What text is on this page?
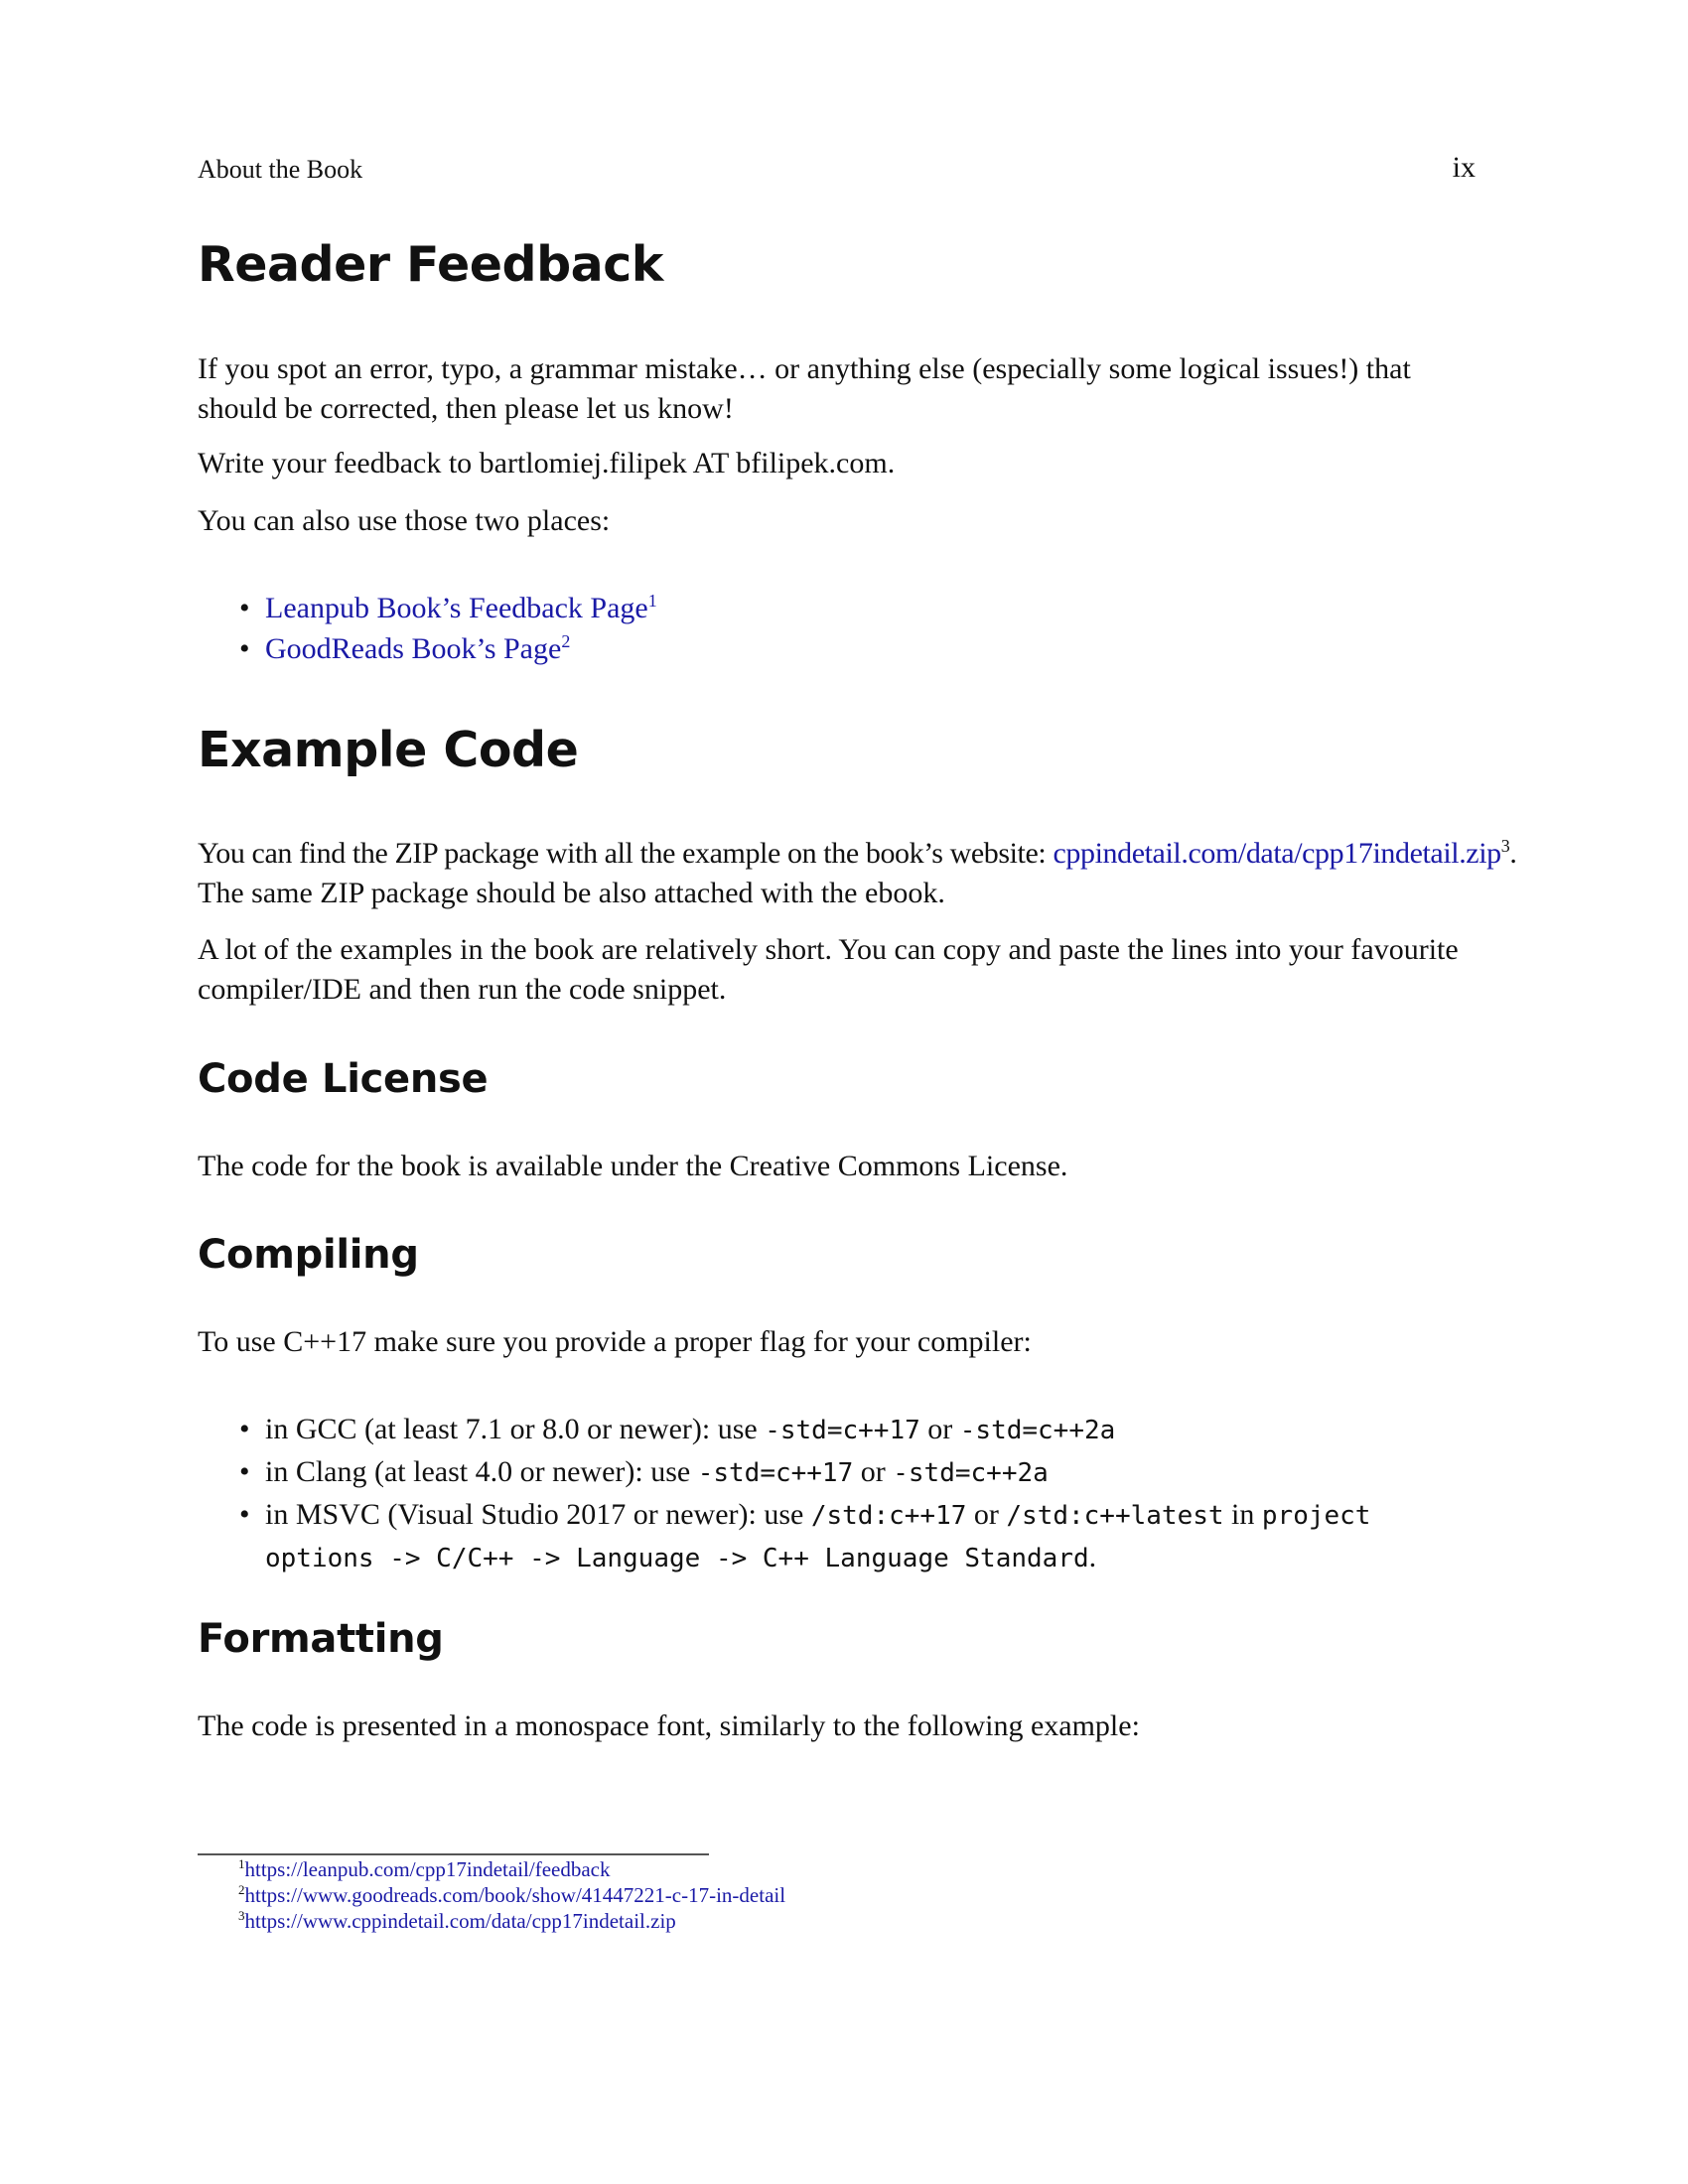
About the Book	ix
Reader Feedback

If you spot an error, typo, a grammar mistake… or anything else (especially some logical issues!) that should be corrected, then please let us know!

Write your feedback to bartlomiej.filipek AT bfilipek.com.

You can also use those two places:

• Leanpub Book’s Feedback Page$^1$
• GoodReads Book’s Page$^2$
Example Code

You can find the ZIP package with all the example on the book’s website: cppindetail.com/data/cpp17indetail.zip$^3$.

The same ZIP package should be also attached with the ebook.

A lot of the examples in the book are relatively short. You can copy and paste the lines into your favourite compiler/IDE and then run the code snippet.

Code License

The code for the book is available under the Creative Commons License.

Compiling

To use C++17 make sure you provide a proper flag for your compiler:

• in GCC (at least 7.1 or 8.0 or newer): use -std=c++17 or -std=c++2a
• in Clang (at least 4.0 or newer): use -std=c++17 or -std=c++2a
• in MSVC (Visual Studio 2017 or newer): use /std:c++17 or /std:c++latest in project
options -> C/C++ -> Language -> C++ Language Standard.
Formatting

The code is presented in a monospace font, similarly to the following example:

$^1$https://leanpub.com/cpp17indetail/feedback
$^2$https://www.goodreads.com/book/show/41447221-c-17-in-detail
$^3$https://www.cppindetail.com/data/cpp17indetail.zip
